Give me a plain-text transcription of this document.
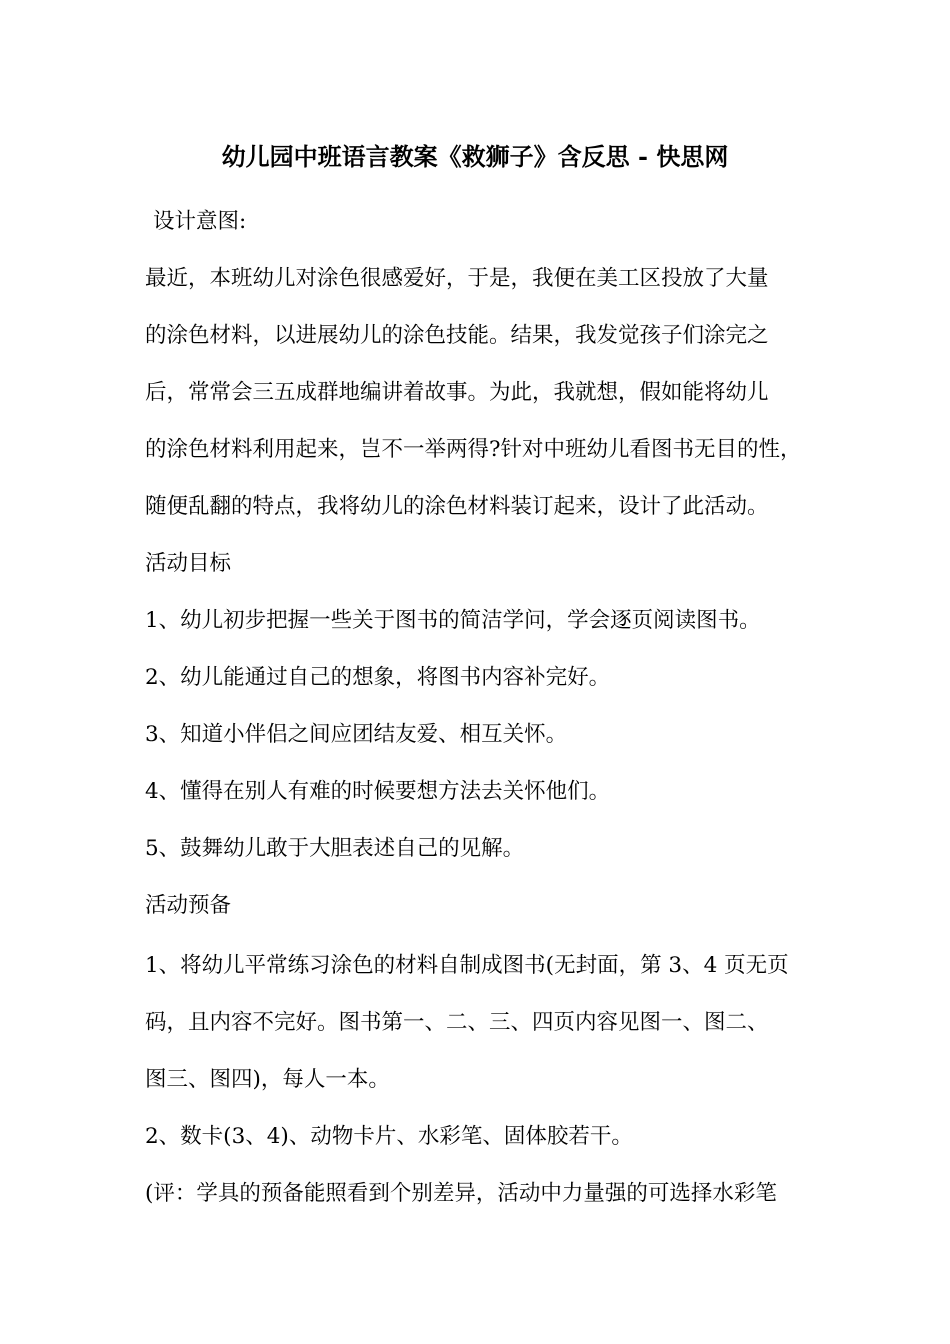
幼儿园中班语言教案《救狮子》含反思 - 快思网
设计意图:
最近，本班幼儿对涂色很感爱好，于是，我便在美工区投放了大量
的涂色材料，以进展幼儿的涂色技能。结果，我发觉孩子们涂完之
后，常常会三五成群地编讲着故事。为此，我就想，假如能将幼儿
的涂色材料利用起来，岂不一举两得?针对中班幼儿看图书无目的性，
随便乱翻的特点，我将幼儿的涂色材料装订起来，设计了此活动。
活动目标
1、幼儿初步把握一些关于图书的简洁学问，学会逐页阅读图书。
2、幼儿能通过自己的想象，将图书内容补完好。
3、知道小伴侣之间应团结友爱、相互关怀。
4、懂得在别人有难的时候要想方法去关怀他们。
5、鼓舞幼儿敢于大胆表述自己的见解。
活动预备
1、将幼儿平常练习涂色的材料自制成图书(无封面，第 3、4 页无页
码，且内容不完好。图书第一、二、三、四页内容见图一、图二、
图三、图四)，每人一本。
2、数卡(3、4)、动物卡片、水彩笔、固体胶若干。
(评：学具的预备能照看到个别差异，活动中力量强的可选择水彩笔
